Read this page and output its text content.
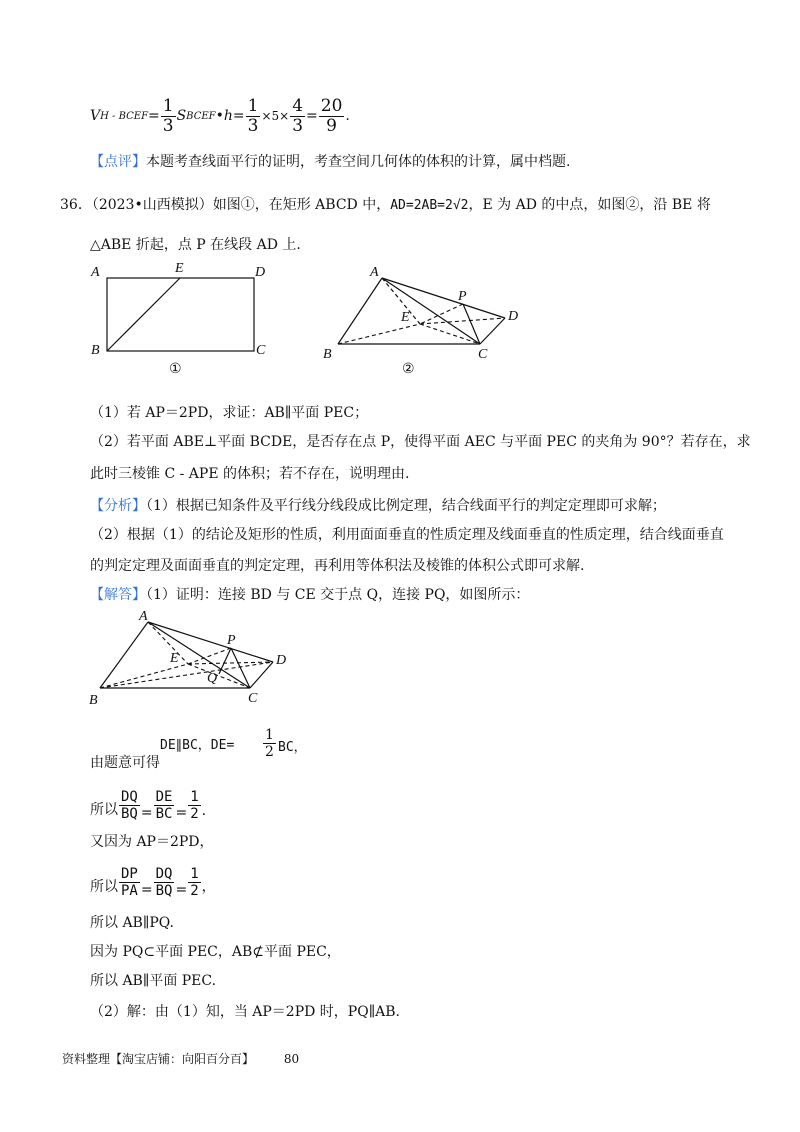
V H - BCEF = $\frac{1}{3}$ S BCEF •h= $\frac{1}{3} \times 5\times \frac{4}{3} = \frac{20}{9}$ .
【点评】本题考查线面平行的证明，考查空间几何体的体积的计算，属中档题.
36．（2023•山西模拟）如图①，在矩形 ABCD 中，AD=2AB=2√2，E 为 AD 的中点，如图②，沿 BE 将
△ABE 折起，点 P 在线段 AD 上.
A	E	D
B	C
①
A
P
E	D
B	C
②
（1）若 AP＝2PD，求证：AB∥平面 PEC；
（2）若平面 ABE⊥平面 BCDE，是否存在点 P，使得平面 AEC 与平面 PEC 的夹角为 90°？若存在，求
此时三棱锥 C - APE 的体积；若不存在，说明理由.
【分析】（1）根据已知条件及平行线分线段成比例定理，结合线面平行的判定定理即可求解；
（2）根据（1）的结论及矩形的性质，利用面面垂直的性质定理及线面垂直的性质定理，结合线面垂直
的判定定理及面面垂直的判定定理，再利用等体积法及棱锥的体积公式即可求解.
【解答】（1）证明：连接 BD 与 CE 交于点 Q，连接 PQ，如图所示：
A
P
E	D
Q
B	C
由题意可得
DE∥BC，$DE= \frac{1}{2}$ BC，
所以 $\frac{DQ}{BQ} = \frac{DE}{BC} = \frac{1}{2}$ .
又因为 AP＝2PD，
所以 $\frac{DP}{PA} = \frac{DQ}{BQ} = \frac{1}{2}$ ，
所以 AB∥PQ.
因为 PQ⊂平面 PEC，AB⊄平面 PEC，
所以 AB∥平面 PEC.
（2）解：由（1）知，当 AP＝2PD 时，PQ∥AB.
资料整理【淘宝店铺：向阳百分百】 80
